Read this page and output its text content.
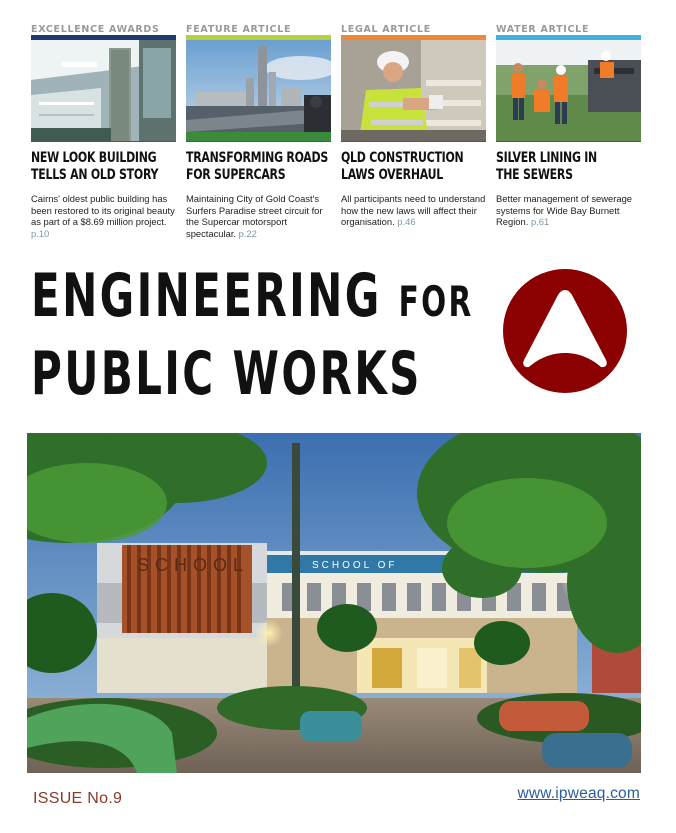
EXCELLENCE AWARDS
NEW LOOK BUILDING
TELLS AN OLD STORY
Cairns' oldest public building has been restored to its original beauty as part of a $8.69 million project. p.10
FEATURE ARTICLE
TRANSFORMING ROADS
FOR SUPERCARS
Maintaining City of Gold Coast's Surfers Paradise street circuit for the Supercar motorsport spectacular. p.22
LEGAL ARTICLE
QLD CONSTRUCTION
LAWS OVERHAUL
All participants need to understand how the new laws will affect their organisation. p.46
WATER ARTICLE
SILVER LINING IN
THE SEWERS
Better management of sewerage systems for Wide Bay Burnett Region. p.61
ENGINEERING FOR
PUBLIC WORKS
SCHOOL	SCHOOL OF
ISSUE No.9	www.ipweaq.com
